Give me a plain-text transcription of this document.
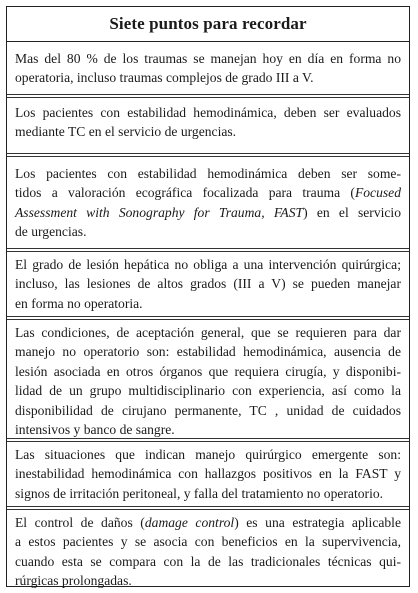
Siete puntos para recordar
Mas del 80 % de los traumas se manejan hoy en día en forma no
operatoria, incluso traumas complejos de grado III a V.
Los pacientes con estabilidad hemodinámica, deben ser evaluados
mediante TC en el servicio de urgencias.
Los pacientes con estabilidad hemodinámica deben ser some-
tidos a valoración ecográfica focalizada para trauma (Focused
Assessment with Sonography for Trauma, FAST) en el servicio
de urgencias.
El grado de lesión hepática no obliga a una intervención quirúrgica;
incluso, las lesiones de altos grados (III a V) se pueden manejar
en forma no operatoria.
Las condiciones, de aceptación general, que se requieren para dar
manejo no operatorio son: estabilidad hemodinámica, ausencia de
lesión asociada en otros órganos que requiera cirugía, y disponibi-
lidad de un grupo multidisciplinario con experiencia, así como la
disponibilidad de cirujano permanente, TC , unidad de cuidados
intensivos y banco de sangre.
Las situaciones que indican manejo quirúrgico emergente son:
inestabilidad hemodinámica con hallazgos positivos en la FAST y
signos de irritación peritoneal, y falla del tratamiento no operatorio.
El control de daños (damage control) es una estrategia aplicable
a estos pacientes y se asocia con beneficios en la supervivencia,
cuando esta se compara con la de las tradicionales técnicas qui-
rúrgicas prolongadas.
